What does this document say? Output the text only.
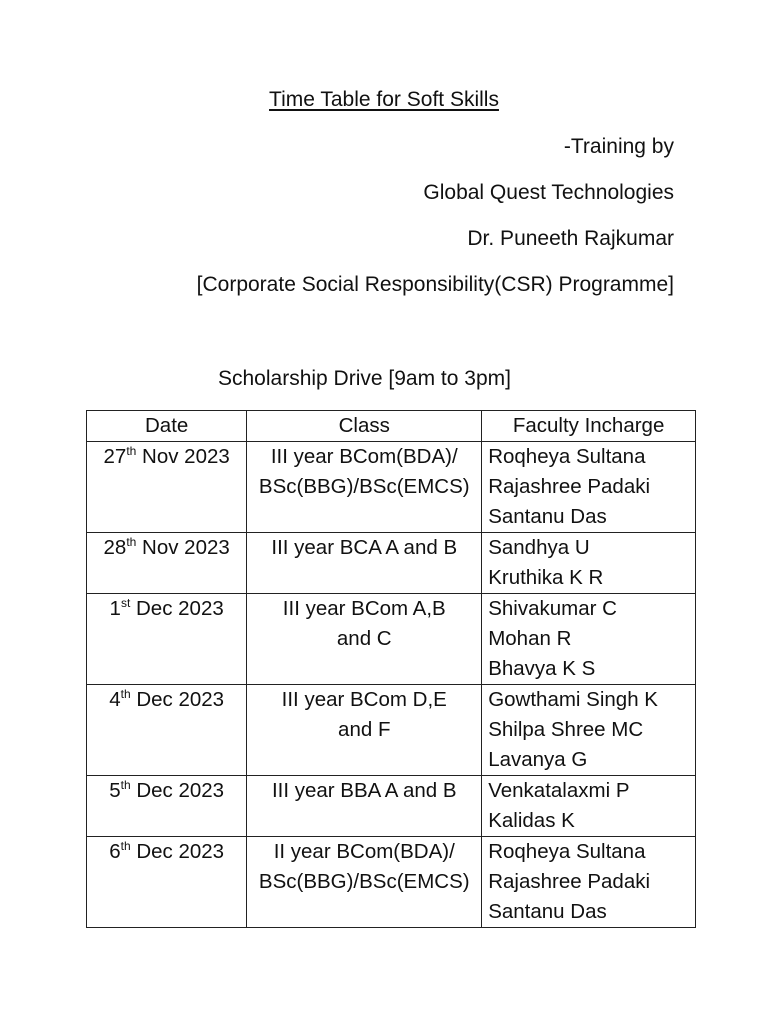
Time Table for Soft Skills
-Training by
Global Quest Technologies
Dr. Puneeth Rajkumar
[Corporate Social Responsibility(CSR) Programme]
Scholarship Drive [9am to 3pm]
Date	Class	Faculty Incharge
27th Nov 2023	III year BCom(BDA)/
BSc(BBG)/BSc(EMCS)	Roqheya Sultana
Rajashree Padaki
Santanu Das

28th Nov 2023	III year BCA A and B	Sandhya U
Kruthika K R

1st Dec 2023	III year BCom A,B
and C	Shivakumar C
Mohan R
Bhavya K S

4th Dec 2023	III year BCom D,E
and F	Gowthami Singh K
Shilpa Shree MC
Lavanya G

5th Dec 2023	III year BBA A and B	Venkatalaxmi P
Kalidas K

6th Dec 2023	II year BCom(BDA)/
BSc(BBG)/BSc(EMCS)	Roqheya Sultana
Rajashree Padaki
Santanu Das
